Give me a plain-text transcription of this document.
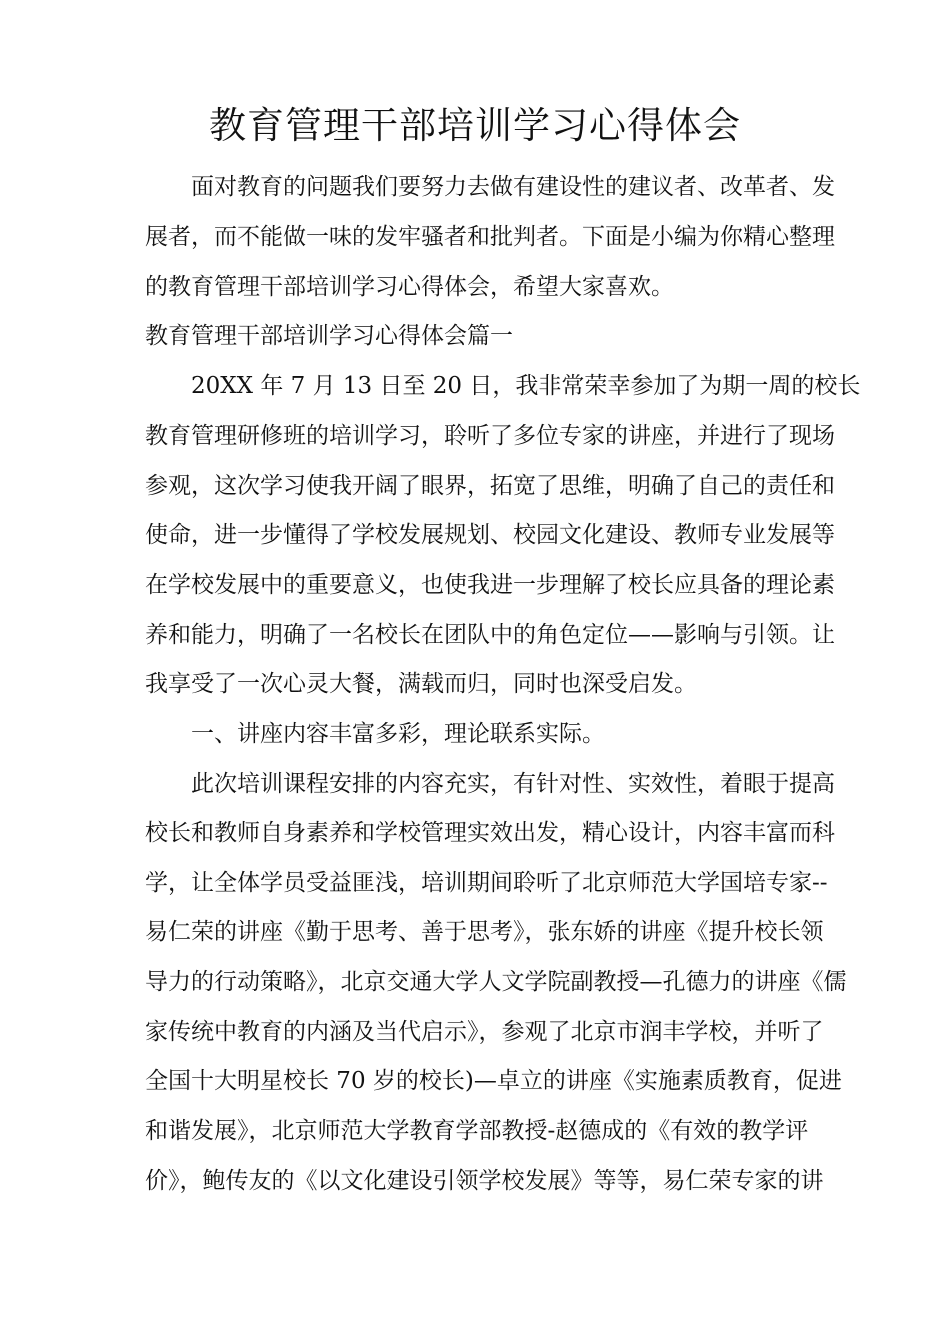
教育管理干部培训学习心得体会
面对教育的问题我们要努力去做有建设性的建议者、改革者、发
展者，而不能做一味的发牢骚者和批判者。下面是小编为你精心整理
的教育管理干部培训学习心得体会，希望大家喜欢。
教育管理干部培训学习心得体会篇一
20XX 年 7 月 13 日至 20 日，我非常荣幸参加了为期一周的校长
教育管理研修班的培训学习，聆听了多位专家的讲座，并进行了现场
参观，这次学习使我开阔了眼界，拓宽了思维，明确了自己的责任和
使命，进一步懂得了学校发展规划、校园文化建设、教师专业发展等
在学校发展中的重要意义，也使我进一步理解了校长应具备的理论素
养和能力，明确了一名校长在团队中的角色定位——影响与引领。让
我享受了一次心灵大餐，满载而归，同时也深受启发。
一、讲座内容丰富多彩，理论联系实际。
此次培训课程安排的内容充实，有针对性、实效性，着眼于提高
校长和教师自身素养和学校管理实效出发，精心设计，内容丰富而科
学，让全体学员受益匪浅，培训期间聆听了北京师范大学国培专家--
易仁荣的讲座《勤于思考、善于思考》，张东娇的讲座《提升校长领
导力的行动策略》，北京交通大学人文学院副教授—孔德力的讲座《儒
家传统中教育的内涵及当代启示》，参观了北京市润丰学校，并听了
全国十大明星校长 70 岁的校长)—卓立的讲座《实施素质教育，促进
和谐发展》，北京师范大学教育学部教授-赵德成的《有效的教学评
价》，鲍传友的《以文化建设引领学校发展》等等，易仁荣专家的讲
